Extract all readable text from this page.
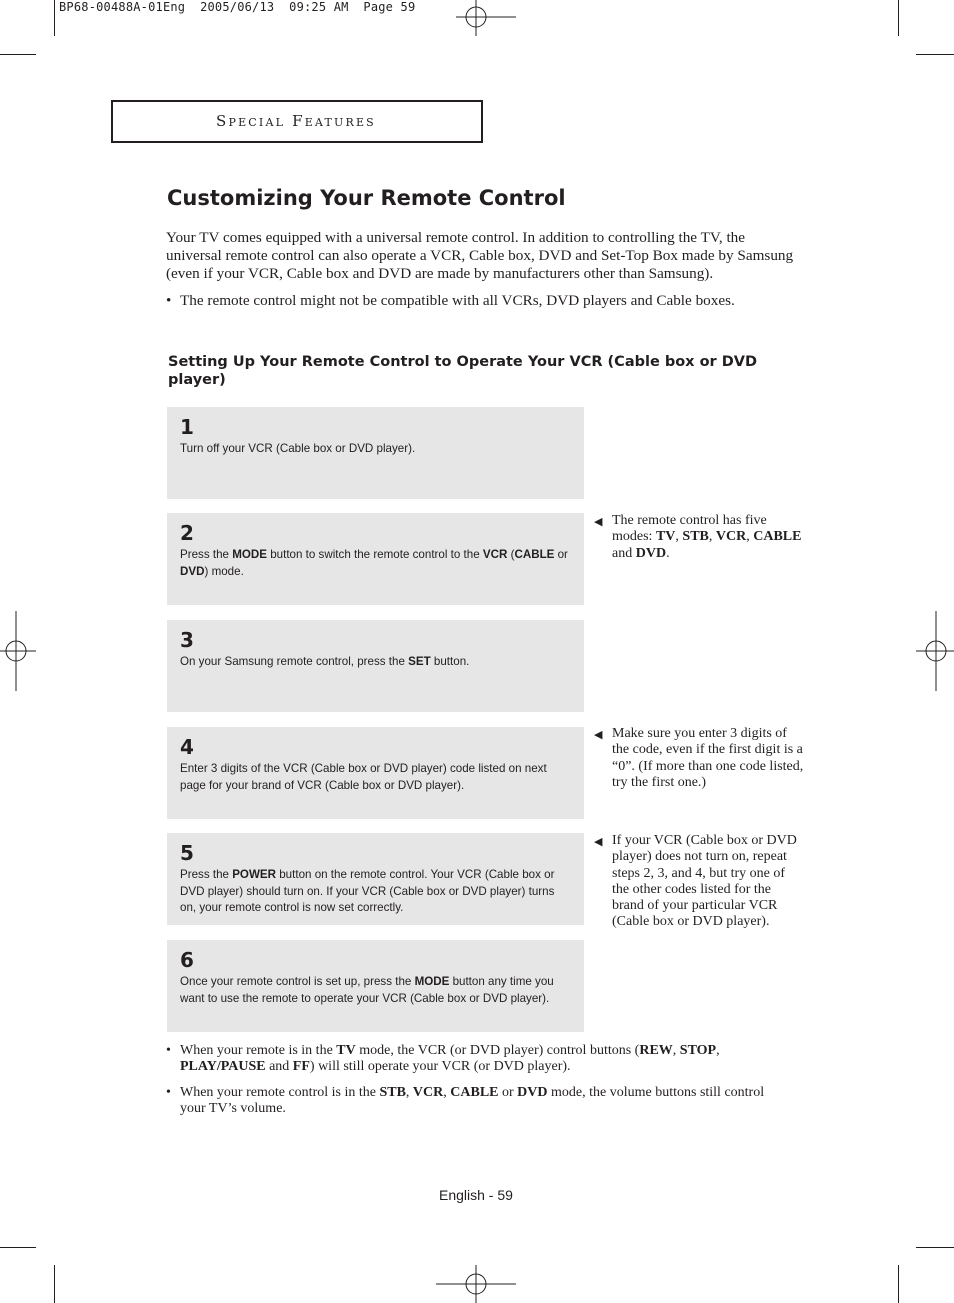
BP68-00488A-01Eng  2005/06/13  09:25 AM  Page 59
Special Features
Customizing Your Remote Control
Your TV comes equipped with a universal remote control. In addition to controlling the TV, the universal remote control can also operate a VCR, Cable box, DVD and Set-Top Box made by Samsung (even if your VCR, Cable box and DVD are made by manufacturers other than Samsung).
• The remote control might not be compatible with all VCRs, DVD players and Cable boxes.
Setting Up Your Remote Control to Operate Your VCR (Cable box or DVD player)
1
Turn off your VCR (Cable box or DVD player).
2
Press the MODE button to switch the remote control to the VCR (CABLE or DVD) mode.
3
On your Samsung remote control, press the SET button.
4
Enter 3 digits of the VCR (Cable box or DVD player) code listed on next page for your brand of VCR (Cable box or DVD player).
5
Press the POWER button on the remote control. Your VCR (Cable box or DVD player) should turn on. If your VCR (Cable box or DVD player) turns on, your remote control is now set correctly.
6
Once your remote control is set up, press the MODE button any time you want to use the remote to operate your VCR (Cable box or DVD player).
◀ The remote control has five modes: TV, STB, VCR, CABLE and DVD.
◀ Make sure you enter 3 digits of the code, even if the first digit is a “0”. (If more than one code listed, try the first one.)
◀ If your VCR (Cable box or DVD player) does not turn on, repeat steps 2, 3, and 4, but try one of the other codes listed for the brand of your particular VCR (Cable box or DVD player).
• When your remote is in the TV mode, the VCR (or DVD player) control buttons (REW, STOP, PLAY/PAUSE and FF) will still operate your VCR (or DVD player).
• When your remote control is in the STB, VCR, CABLE or DVD mode, the volume buttons still control your TV’s volume.
English - 59
